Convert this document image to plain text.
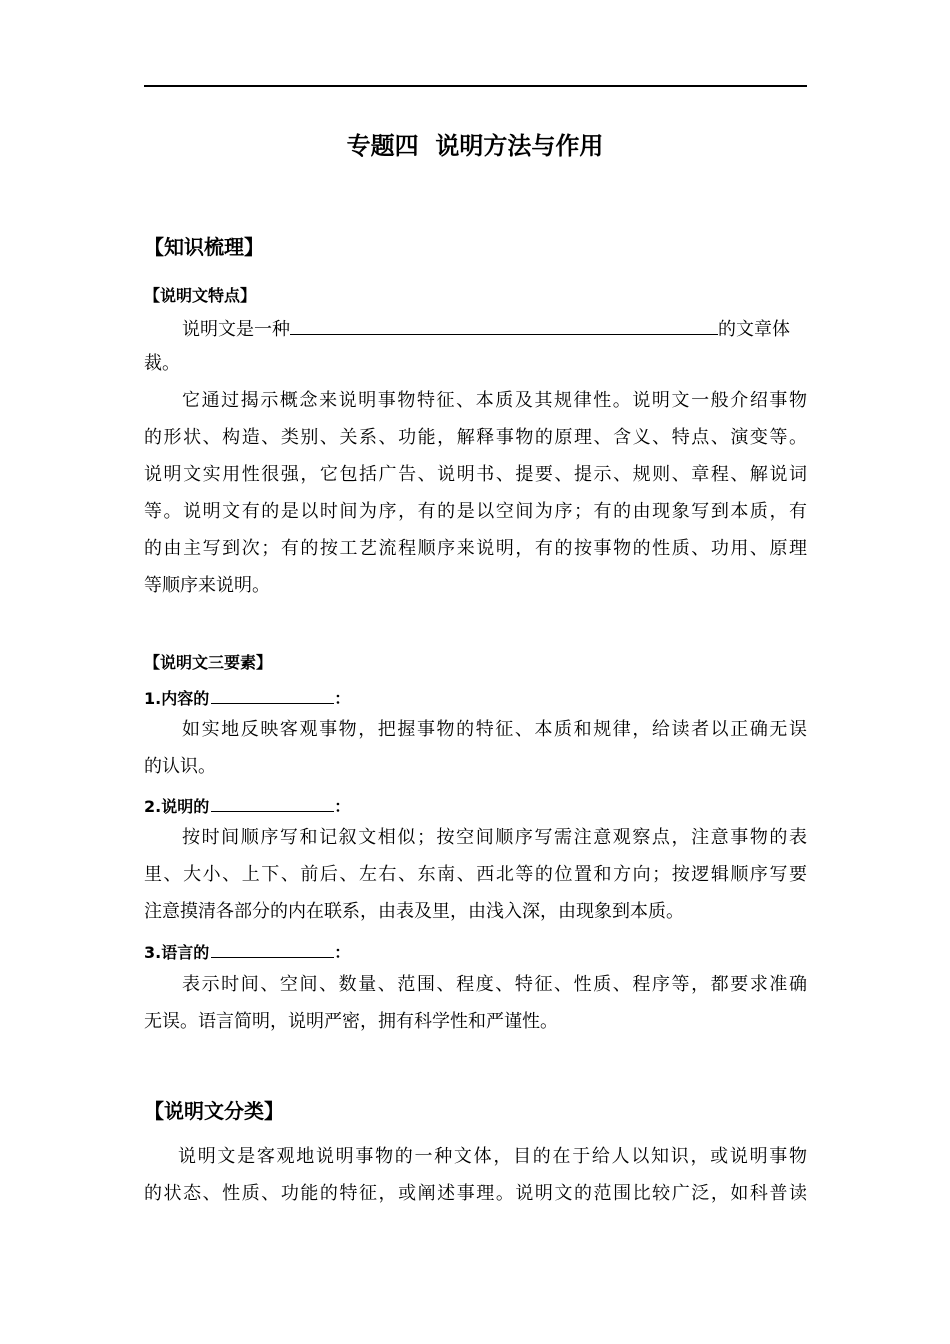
专题四  说明方法与作用
【知识梳理】
【说明文特点】
说明文是一种	的文章体
裁。
它通过揭示概念来说明事物特征、本质及其规律性。说明文一般介绍事物
的形状、构造、类别、关系、功能，解释事物的原理、含义、特点、演变等。
说明文实用性很强，它包括广告、说明书、提要、提示、规则、章程、解说词
等。说明文有的是以时间为序，有的是以空间为序；有的由现象写到本质，有
的由主写到次；有的按工艺流程顺序来说明，有的按事物的性质、功用、原理
等顺序来说明。
【说明文三要素】
1.内容的	：
如实地反映客观事物，把握事物的特征、本质和规律，给读者以正确无误
的认识。
2.说明的	：
按时间顺序写和记叙文相似；按空间顺序写需注意观察点，注意事物的表
里、大小、上下、前后、左右、东南、西北等的位置和方向；按逻辑顺序写要
注意摸清各部分的内在联系，由表及里，由浅入深，由现象到本质。
3.语言的	：
表示时间、空间、数量、范围、程度、特征、性质、程序等，都要求准确
无误。语言简明，说明严密，拥有科学性和严谨性。
【说明文分类】
说明文是客观地说明事物的一种文体，目的在于给人以知识，或说明事物
的状态、性质、功能的特征，或阐述事理。说明文的范围比较广泛，如科普读
